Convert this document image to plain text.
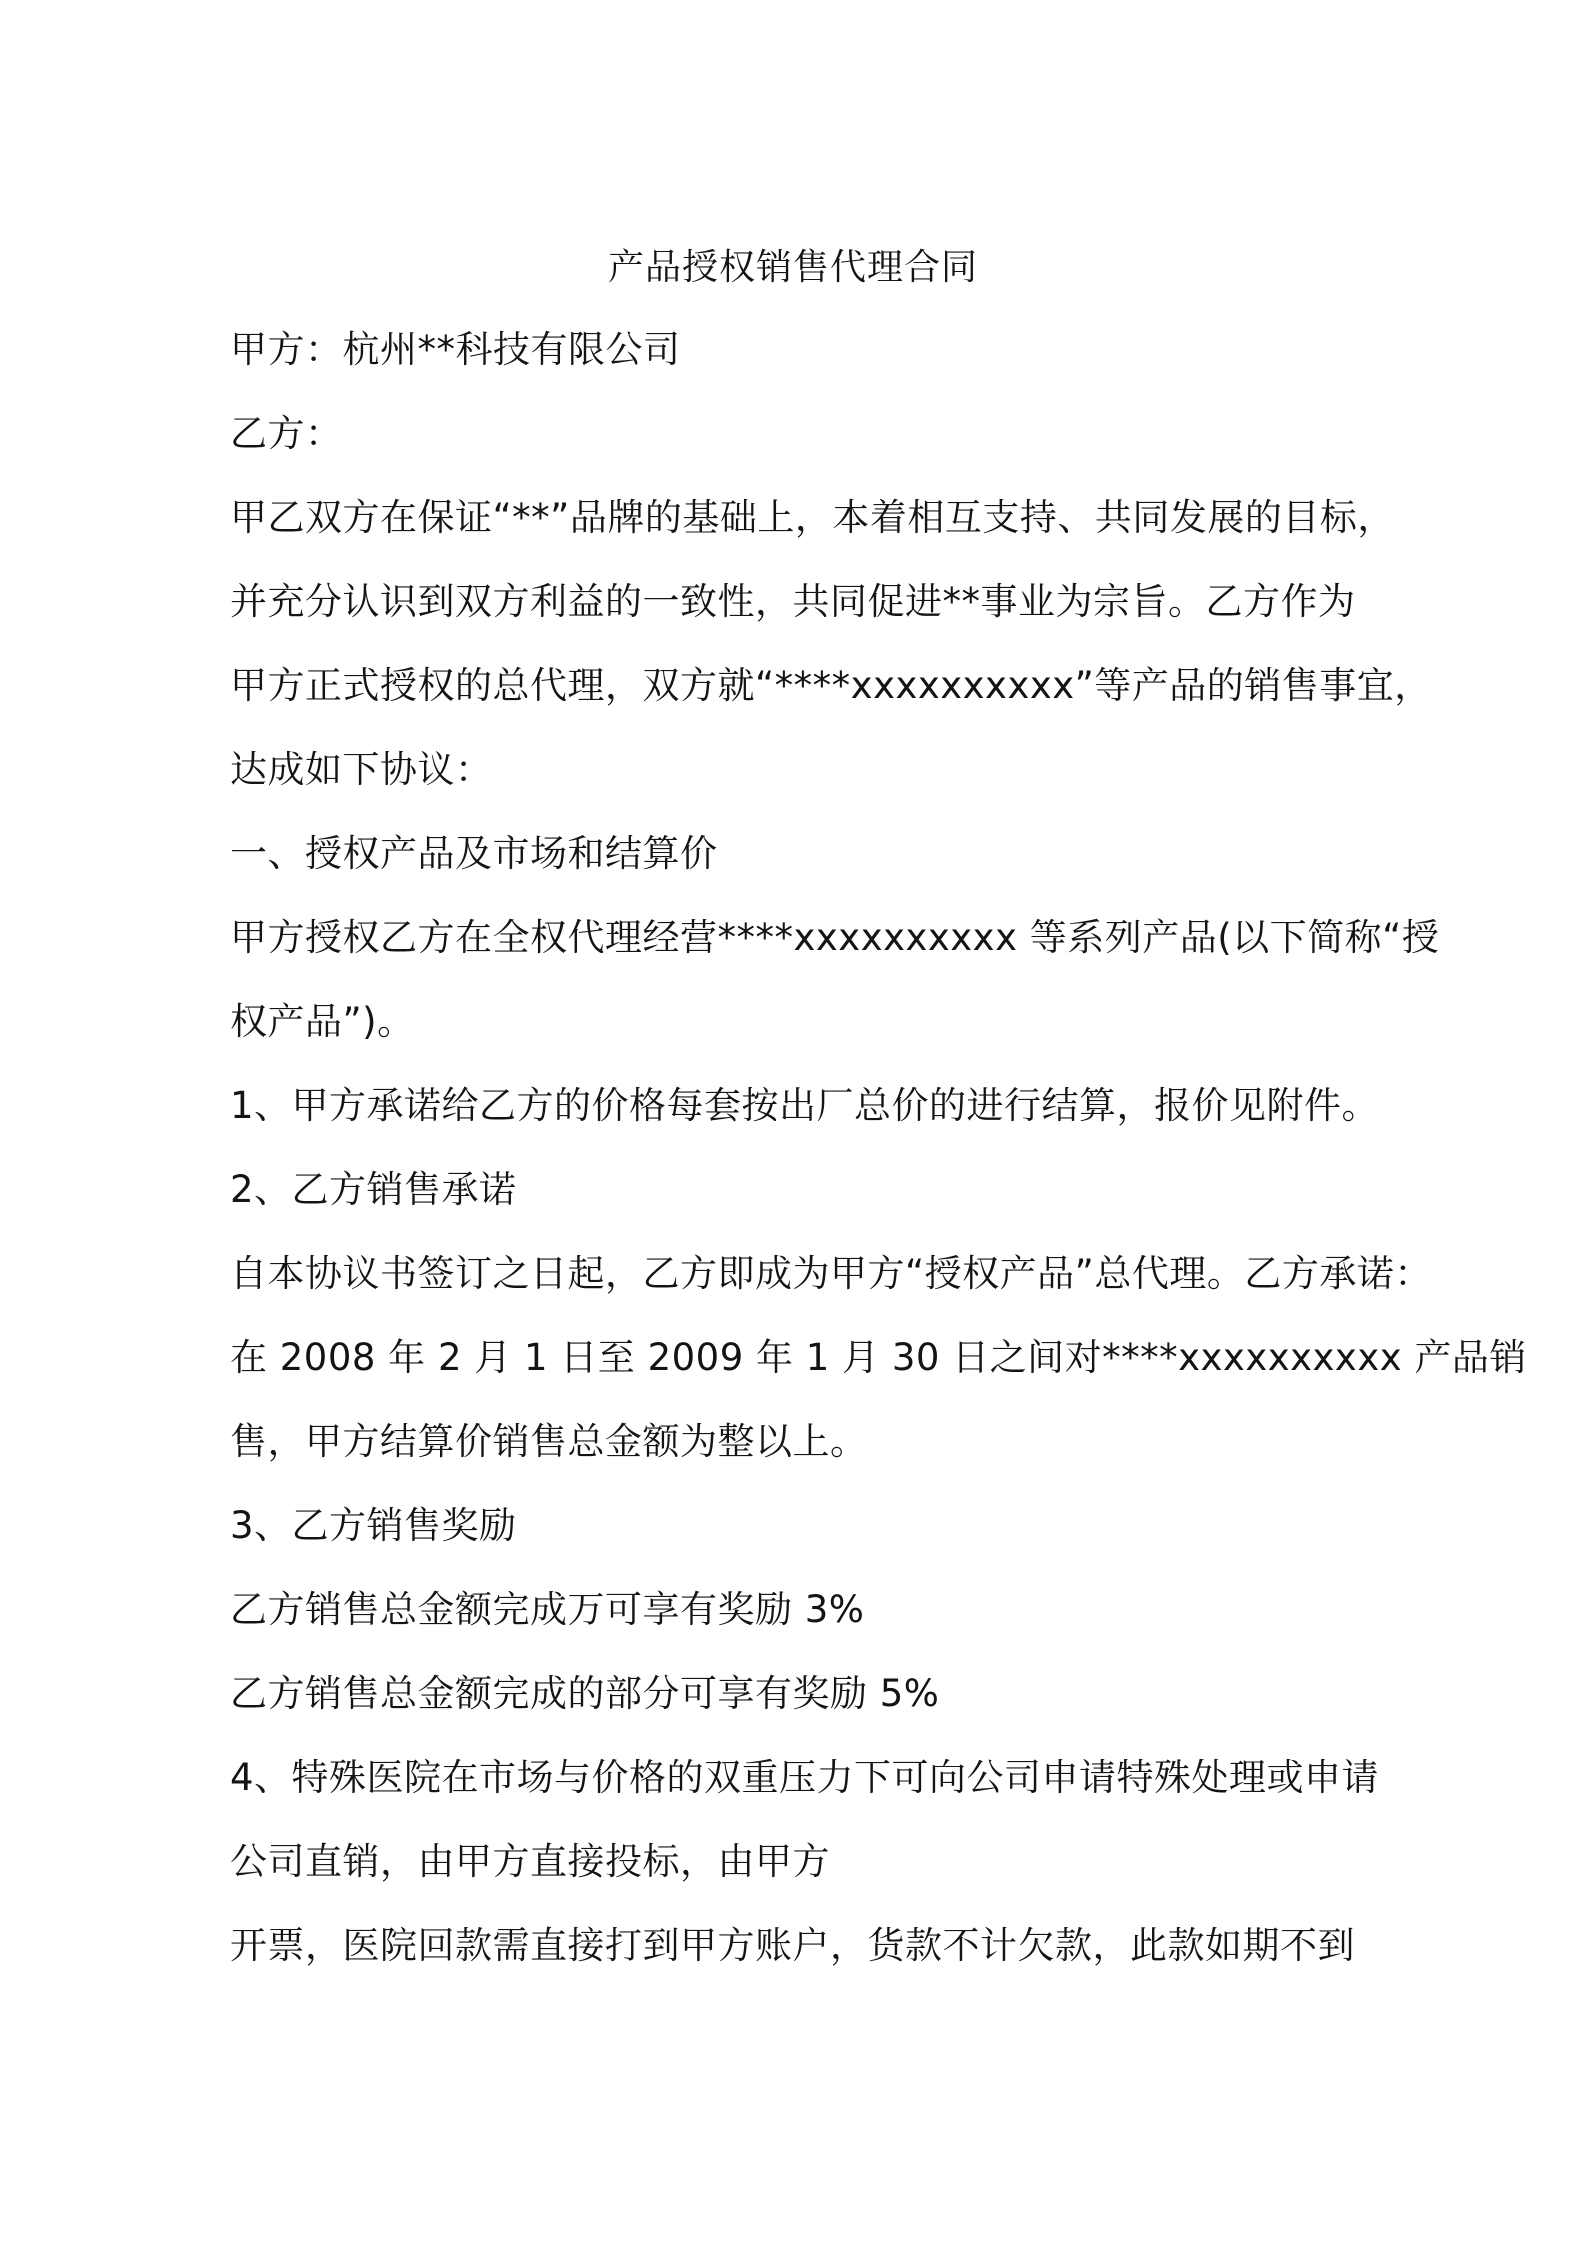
产品授权销售代理合同
甲方：杭州**科技有限公司
乙方：
甲乙双方在保证“**”品牌的基础上，本着相互支持、共同发展的目标，
并充分认识到双方利益的一致性，共同促进**事业为宗旨。乙方作为
甲方正式授权的总代理，双方就“****xxxxxxxxxx”等产品的销售事宜，
达成如下协议：
一、授权产品及市场和结算价
甲方授权乙方在全权代理经营****xxxxxxxxxx 等系列产品(以下简称“授
权产品”)。
1、甲方承诺给乙方的价格每套按出厂总价的进行结算，报价见附件。
2、乙方销售承诺
自本协议书签订之日起，乙方即成为甲方“授权产品”总代理。乙方承诺：
在 2008 年 2 月 1 日至 2009 年 1 月 30 日之间对****xxxxxxxxxx 产品销
售，甲方结算价销售总金额为整以上。
3、乙方销售奖励
乙方销售总金额完成万可享有奖励 3%
乙方销售总金额完成的部分可享有奖励 5%
4、特殊医院在市场与价格的双重压力下可向公司申请特殊处理或申请
公司直销，由甲方直接投标，由甲方
开票，医院回款需直接打到甲方账户，货款不计欠款，此款如期不到
